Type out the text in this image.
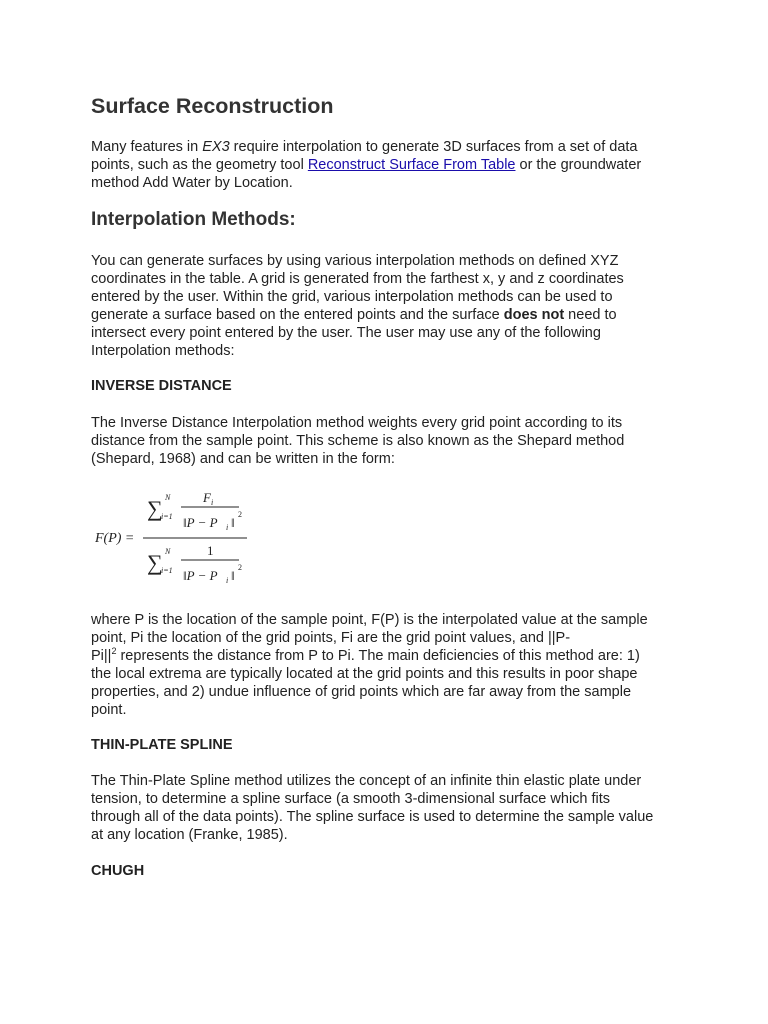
Surface Reconstruction

Many features in EX3 require interpolation to generate 3D surfaces from a set of data
points, such as the geometry tool Reconstruct Surface From Table or the groundwater
method Add Water by Location.

Interpolation Methods:

You can generate surfaces by using various interpolation methods on defined XYZ
coordinates in the table. A grid is generated from the farthest x, y and z coordinates
entered by the user. Within the grid, various interpolation methods can be used to
generate a surface based on the entered points and the surface does not need to
intersect every point entered by the user. The user may use any of the following
Interpolation methods:

INVERSE DISTANCE

The Inverse Distance Interpolation method weights every grid point according to its
distance from the sample point. This scheme is also known as the Shepard method
(Shepard, 1968) and can be written in the form:

F(P) =
∑
i=1
N	F i
‖P − P i ‖
2
∑
i=1
N	1
‖P − P i ‖
2

where P is the location of the sample point, F(P) is the interpolated value at the sample
point, Pi the location of the grid points, Fi are the grid point values, and ||P-
$Pi||^2$ represents the distance from P to Pi. The main deficiencies of this method are: 1)
the local extrema are typically located at the grid points and this results in poor shape
properties, and 2) undue influence of grid points which are far away from the sample
point.

THIN-PLATE SPLINE

The Thin-Plate Spline method utilizes the concept of an infinite thin elastic plate under
tension, to determine a spline surface (a smooth 3-dimensional surface which fits
through all of the data points). The spline surface is used to determine the sample value
at any location (Franke, 1985).

CHUGH
